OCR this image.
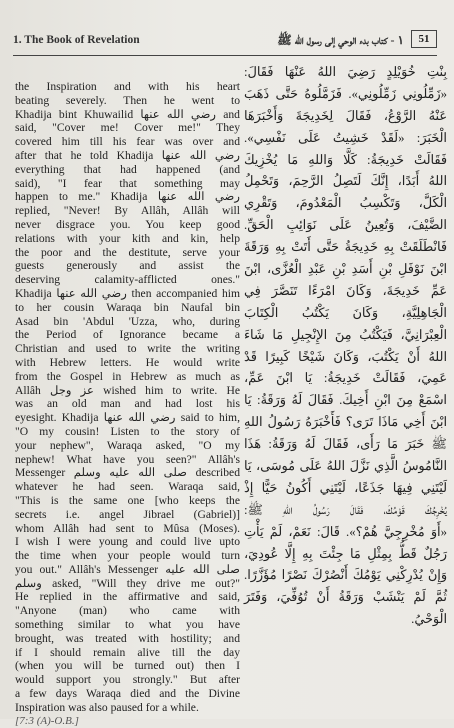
1. The Book of Revelation	١ - كتاب بدء الوحي إلى رسول الله ﷺ	51
the Inspiration and with his heart
beating severely. Then he went to
Khadija bint Khuwailid رضي الله عنها and
said, "Cover me! Cover me!" They
covered him till his fear was over and
after that he told Khadija رضي الله عنها
everything that had happened (and
said), "I fear that something may
happen to me." Khadija رضي الله عنها
replied, "Never! By Allâh, Allâh will
never disgrace you. You keep good
relations with your kith and kin, help
the poor and the destitute, serve your
guests generously and assist the
deserving calamity-afflicted ones."
Khadija رضي الله عنها then accompanied him
to her cousin Waraqa bin Naufal bin
Asad bin 'Abdul 'Uzza, who, during
the Period of Ignorance became a
Christian and used to write the writing
with Hebrew letters. He would write
from the Gospel in Hebrew as much as
Allâh عز وجل wished him to write. He
was an old man and had lost his
eyesight. Khadija رضي الله عنها said to him,
"O my cousin! Listen to the story of
your nephew", Waraqa asked, "O my
nephew! What have you seen?" Allâh's
Messenger صلى الله عليه وسلم described
whatever he had seen. Waraqa said,
"This is the same one [who keeps the
secrets i.e. angel Jibrael (Gabriel)]
whom Allâh had sent to Mûsa (Moses).
I wish I were young and could live upto
the time when your people would turn
you out." Allâh's Messenger صلى الله عليه
وسلم asked, "Will they drive me out?"
He replied in the affirmative and said,
"Anyone (man) who came with
something similar to what you have
brought, was treated with hostility; and
if I should remain alive till the day
(when you will be turned out) then I
would support you strongly." But after
a few days Waraqa died and the Divine
Inspiration was also paused for a while.
[7:3 (A)-O.B.]
بِنْتِ خُوَيْلِدٍ رَضِيَ اللهُ عَنْهَا فَقَالَ:
«زَمِّلُونِي زَمِّلُونِي». فَزَمَّلُوهُ حَتَّى ذَهَبَ
عَنْهُ الرَّوْعُ، فَقَالَ لِخَدِيجَةَ وَأَخْبَرَهَا
الْخَبَرَ: «لَقَدْ خَشِيتُ عَلَى نَفْسِي».
فَقَالَتْ خَدِيجَةُ: كَلَّا وَاللهِ مَا يُخْزِيكَ
اللهُ أَبَدًا، إِنَّكَ لَتَصِلُ الرَّحِمَ، وَتَحْمِلُ
الْكَلَّ، وَتَكْسِبُ الْمَعْدُومَ، وَتَقْرِي
الضَّيْفَ، وَتُعِينُ عَلَى نَوَائِبِ الْحَقِّ.
فَانْطَلَقَتْ بِهِ خَدِيجَةُ حَتَّى أَتَتْ بِهِ وَرَقَةَ
ابْنَ نَوْفَلِ بْنِ أَسَدِ بْنِ عَبْدِ الْعُزَّى، ابْنَ
عَمِّ خَدِيجَةَ، وَكَانَ امْرَءًا تَنَصَّرَ فِي
الْجَاهِلِيَّةِ، وَكَانَ يَكْتُبُ الْكِتَابَ
الْعِبْرَانِيَّ، فَيَكْتُبُ مِنَ الإِنْجِيلِ مَا شَاءَ
اللهُ أَنْ يَكْتُبَ، وَكَانَ شَيْخًا كَبِيرًا قَدْ
عَمِيَ، فَقَالَتْ خَدِيجَةُ: يَا ابْنَ عَمِّ،
اسْمَعْ مِنَ ابْنِ أَخِيكَ. فَقَالَ لَهُ وَرَقَةُ: يَا
ابْنَ أَخِي مَاذَا تَرَى؟ فَأَخْبَرَهُ رَسُولُ اللهِ
ﷺ خَبَرَ مَا رَأَى، فَقَالَ لَهُ وَرَقَةُ: هَذَا
النَّامُوسُ الَّذِي نَزَّلَ اللهُ عَلَى مُوسَى، يَا
لَيْتَنِي فِيهَا جَذَعًا، لَيْتَنِي أَكُونُ حَيًّا إِذْ
يُخْرِجُكَ قَوْمُكَ، فَقَالَ رَسُولُ اللهِ ﷺ:
«أَوَ مُخْرِجِيَّ هُمْ؟». قَالَ: نَعَمْ، لَمْ يَأْتِ
رَجُلٌ قَطُّ بِمِثْلِ مَا جِئْتَ بِهِ إِلَّا عُودِيَ،
وَإِنْ يُدْرِكْنِي يَوْمُكَ أَنْصُرْكَ نَصْرًا مُؤَزَّرًا.
ثُمَّ لَمْ يَنْشَبْ وَرَقَةُ أَنْ تُوُفِّيَ، وَفَتَرَ
الْوَحْيُ.
